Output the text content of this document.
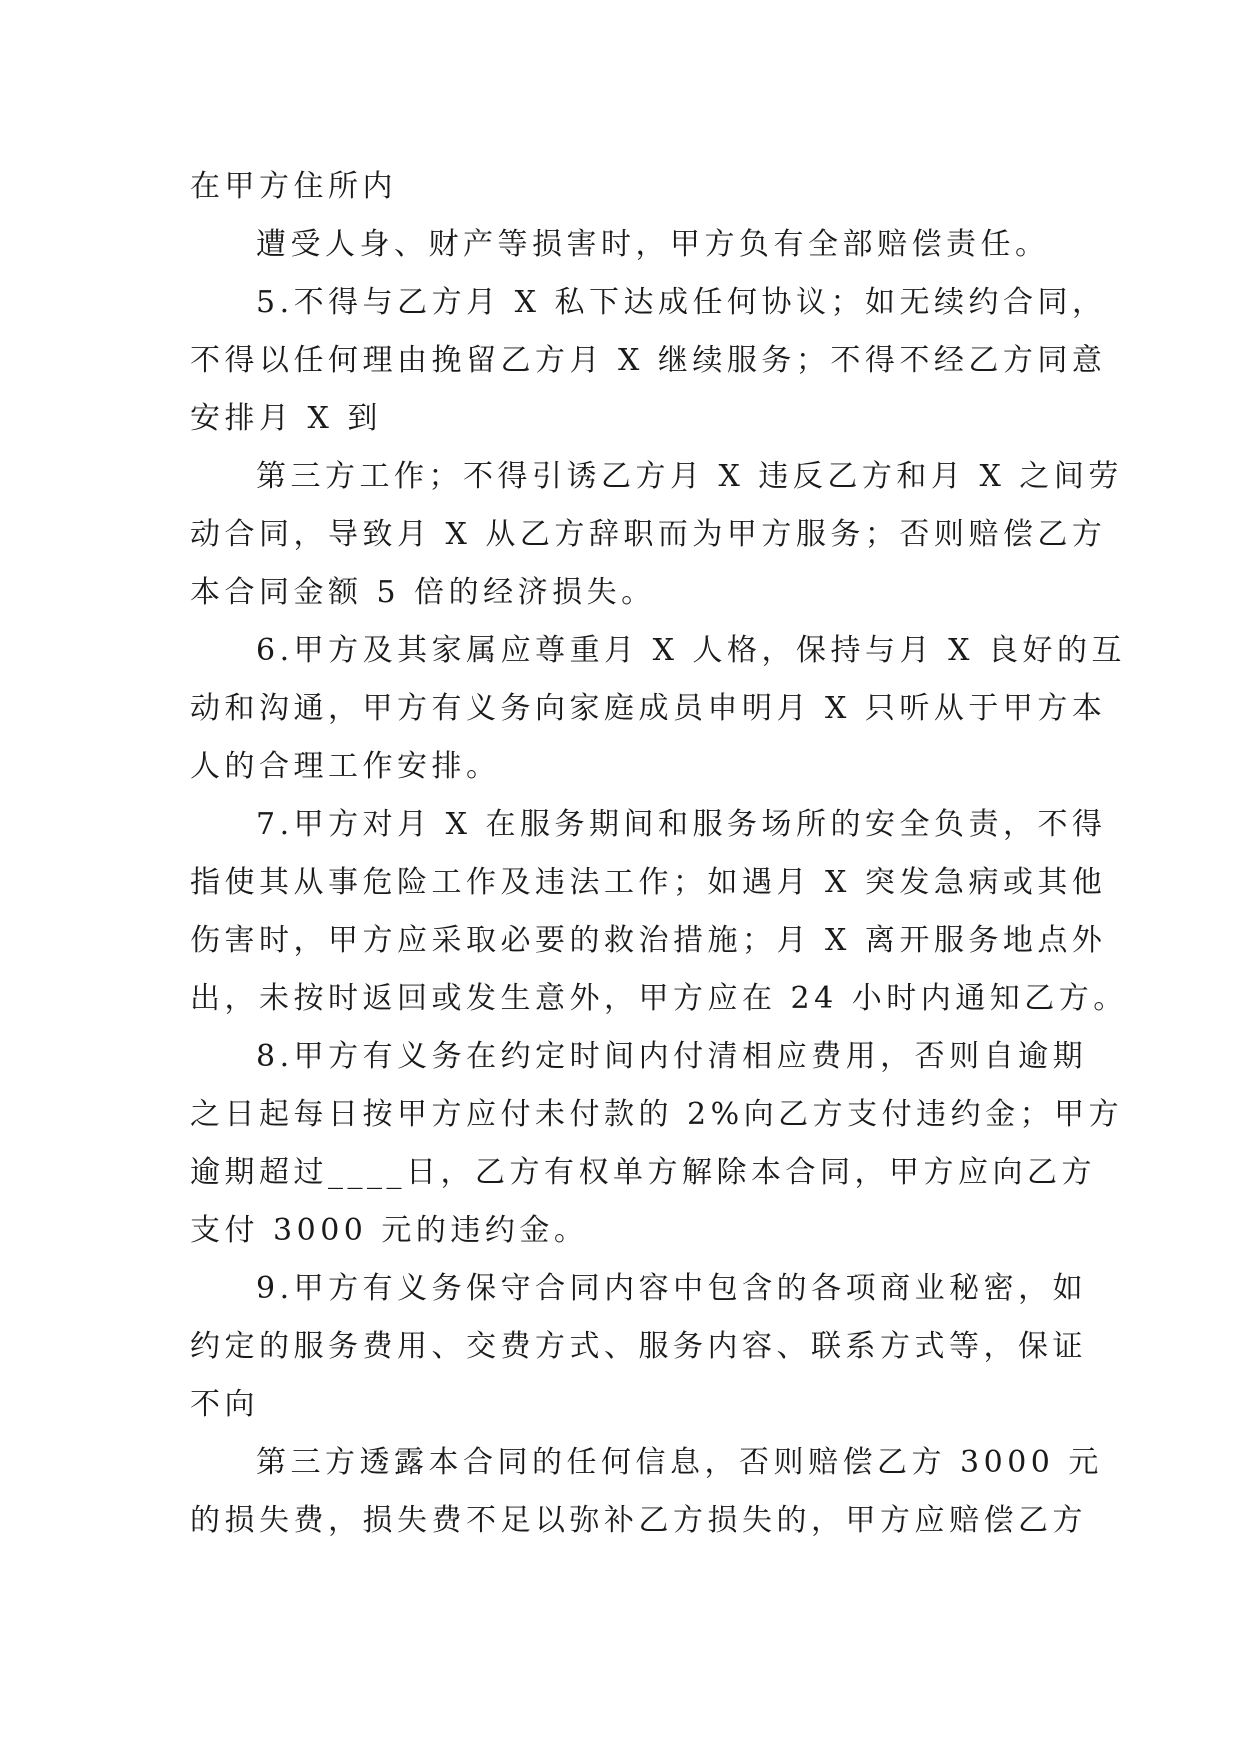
在甲方住所内
遭受人身、财产等损害时，甲方负有全部赔偿责任。
5.不得与乙方月 X 私下达成任何协议；如无续约合同，
不得以任何理由挽留乙方月 X 继续服务；不得不经乙方同意
安排月 X 到
第三方工作；不得引诱乙方月 X 违反乙方和月 X 之间劳
动合同，导致月 X 从乙方辞职而为甲方服务；否则赔偿乙方
本合同金额 5 倍的经济损失。
6.甲方及其家属应尊重月 X 人格，保持与月 X 良好的互
动和沟通，甲方有义务向家庭成员申明月 X 只听从于甲方本
人的合理工作安排。
7.甲方对月 X 在服务期间和服务场所的安全负责，不得
指使其从事危险工作及违法工作；如遇月 X 突发急病或其他
伤害时，甲方应采取必要的救治措施；月 X 离开服务地点外
出，未按时返回或发生意外，甲方应在 24 小时内通知乙方。
8.甲方有义务在约定时间内付清相应费用，否则自逾期
之日起每日按甲方应付未付款的 2%向乙方支付违约金；甲方
逾期超过____日，乙方有权单方解除本合同，甲方应向乙方
支付 3000 元的违约金。
9.甲方有义务保守合同内容中包含的各项商业秘密，如
约定的服务费用、交费方式、服务内容、联系方式等，保证
不向
第三方透露本合同的任何信息，否则赔偿乙方 3000 元
的损失费，损失费不足以弥补乙方损失的，甲方应赔偿乙方
